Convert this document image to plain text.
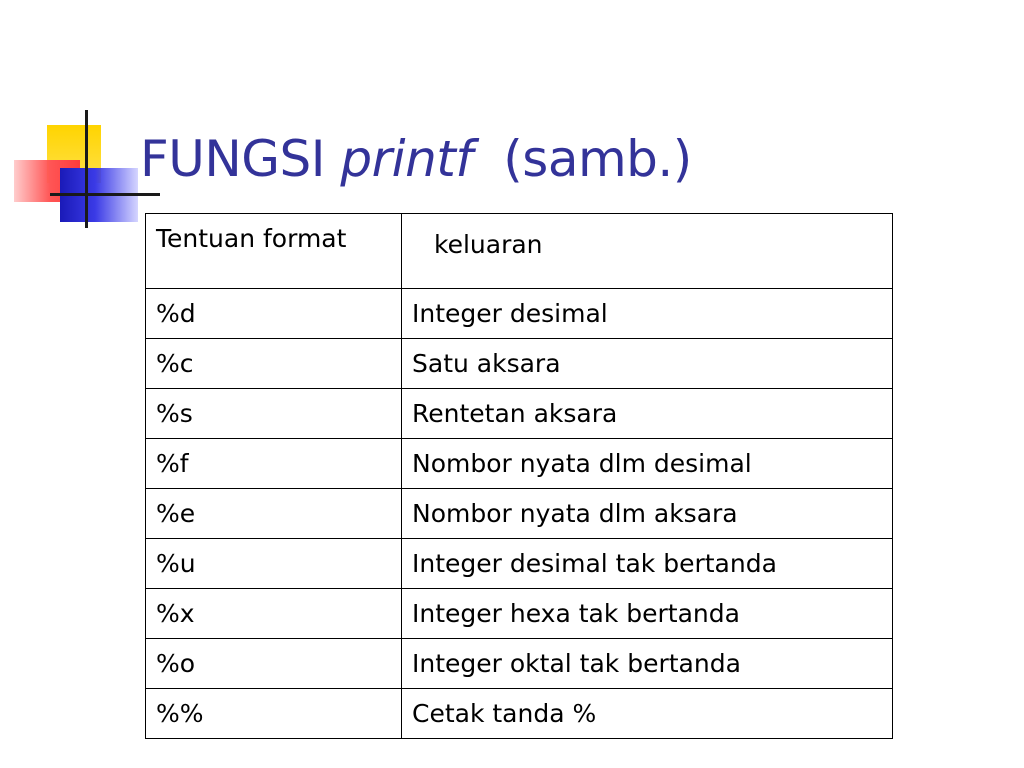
FUNGSI printf  (samb.)
Tentuan format	keluaran
%d	Integer desimal
%c	Satu aksara
%s	Rentetan aksara
%f	Nombor nyata dlm desimal
%e	Nombor nyata dlm aksara
%u	Integer desimal tak bertanda
%x	Integer hexa tak bertanda
%o	Integer oktal tak bertanda
%%	Cetak tanda %
